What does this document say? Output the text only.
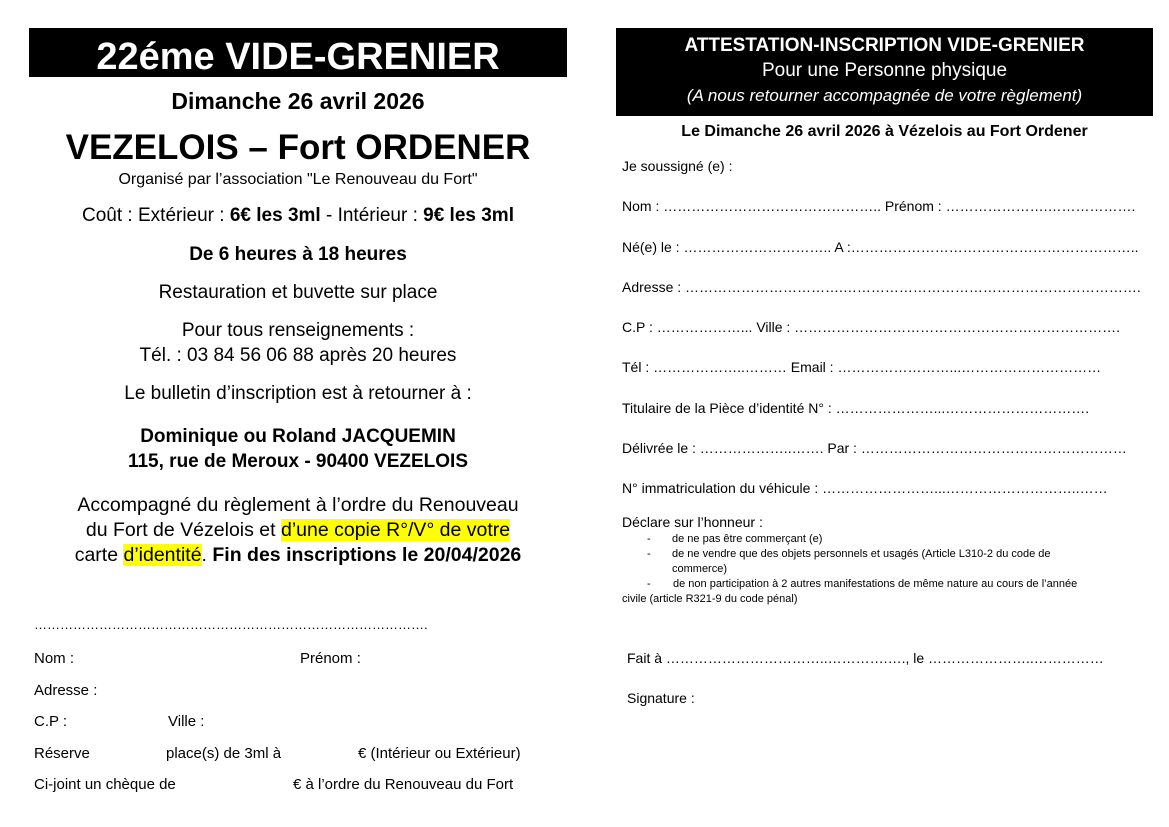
22éme VIDE-GRENIER
Dimanche 26 avril 2026
VEZELOIS – Fort ORDENER
Organisé par l’association "Le Renouveau du Fort"
Coût : Extérieur : 6€ les 3ml - Intérieur : 9€ les 3ml
De 6 heures à 18 heures
Restauration et buvette sur place
Pour tous renseignements :
Tél. : 03 84 56 06 88 après 20 heures
Le bulletin d’inscription est à retourner à :
Dominique ou Roland JACQUEMIN
115, rue de Meroux - 90400 VEZELOIS
Accompagné du règlement à l’ordre du Renouveau
du Fort de Vézelois et d’une copie R°/V° de votre
carte d’identité. Fin des inscriptions le 20/04/2026
……………………………………………………………………………….
Nom :	Prénom :
Adresse :
C.P :	Ville :
Réserve	place(s) de 3ml à	€ (Intérieur ou Extérieur)
Ci-joint un chèque de	€ à l’ordre du Renouveau du Fort
ATTESTATION-INSCRIPTION VIDE-GRENIER
Pour une Personne physique
(A nous retourner accompagnée de votre règlement)
Le Dimanche 26 avril 2026 à Vézelois au Fort Ordener
Je soussigné (e) :
Nom : ……………………………………….. Prénom : ………………….……………….
Né(e) le : ………………………….. A :……………………………………………………..
Adresse : …………………………….……………………………………………………….
C.P : ………………... Ville : …………………………………………………………….
Tél : ………………..……… Email : ……………………...…………………………
Titulaire de la Pièce d’identité N° : …………………...………………………….
Délivrée le : ………………..……. Par : …………………………………………………
N° immatriculation du véhicule : ……………………...………………………..……
Déclare sur l’honneur :
- de ne pas être commerçant (e)
- de ne vendre que des objets personnels et usagés (Article L310-2 du code de
commerce)
- de non participation à 2 autres manifestations de même nature au cours de l’année
civile (article R321-9 du code pénal)
Fait à ……………………………..………….…., le …………………..……………
Signature :
